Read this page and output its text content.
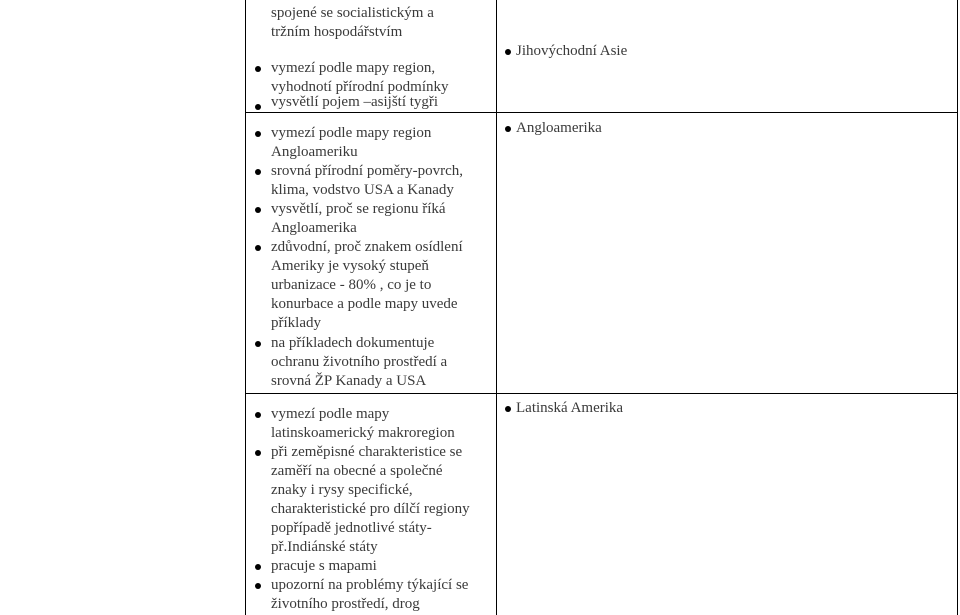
spojené se socialistickým a
tržním hospodářstvím
vymezí podle mapy region,
vyhodnotí přírodní podmínky
vysvětlí pojem –asijští tygři
vymezí podle mapy region
Angloameriku
srovná přírodní poměry-povrch,
klima, vodstvo USA a Kanady
vysvětlí, proč se regionu říká
Angloamerika
zdůvodní, proč znakem osídlení
Ameriky je vysoký stupeň
urbanizace - 80% , co je to
konurbace a podle mapy uvede
příklady
na příkladech dokumentuje
ochranu životního prostředí a
srovná ŽP Kanady a USA
vymezí podle mapy
latinskoamerický makroregion
při zeměpisné charakteristice se
zaměří na obecné a společné
znaky i rysy specifické,
charakteristické pro dílčí regiony
popřípadě jednotlivé státy-
př.Indiánské státy
pracuje s mapami
upozorní na problémy týkající se
životního prostředí, drog
Jihovýchodní Asie
Angloamerika
Latinská Amerika
